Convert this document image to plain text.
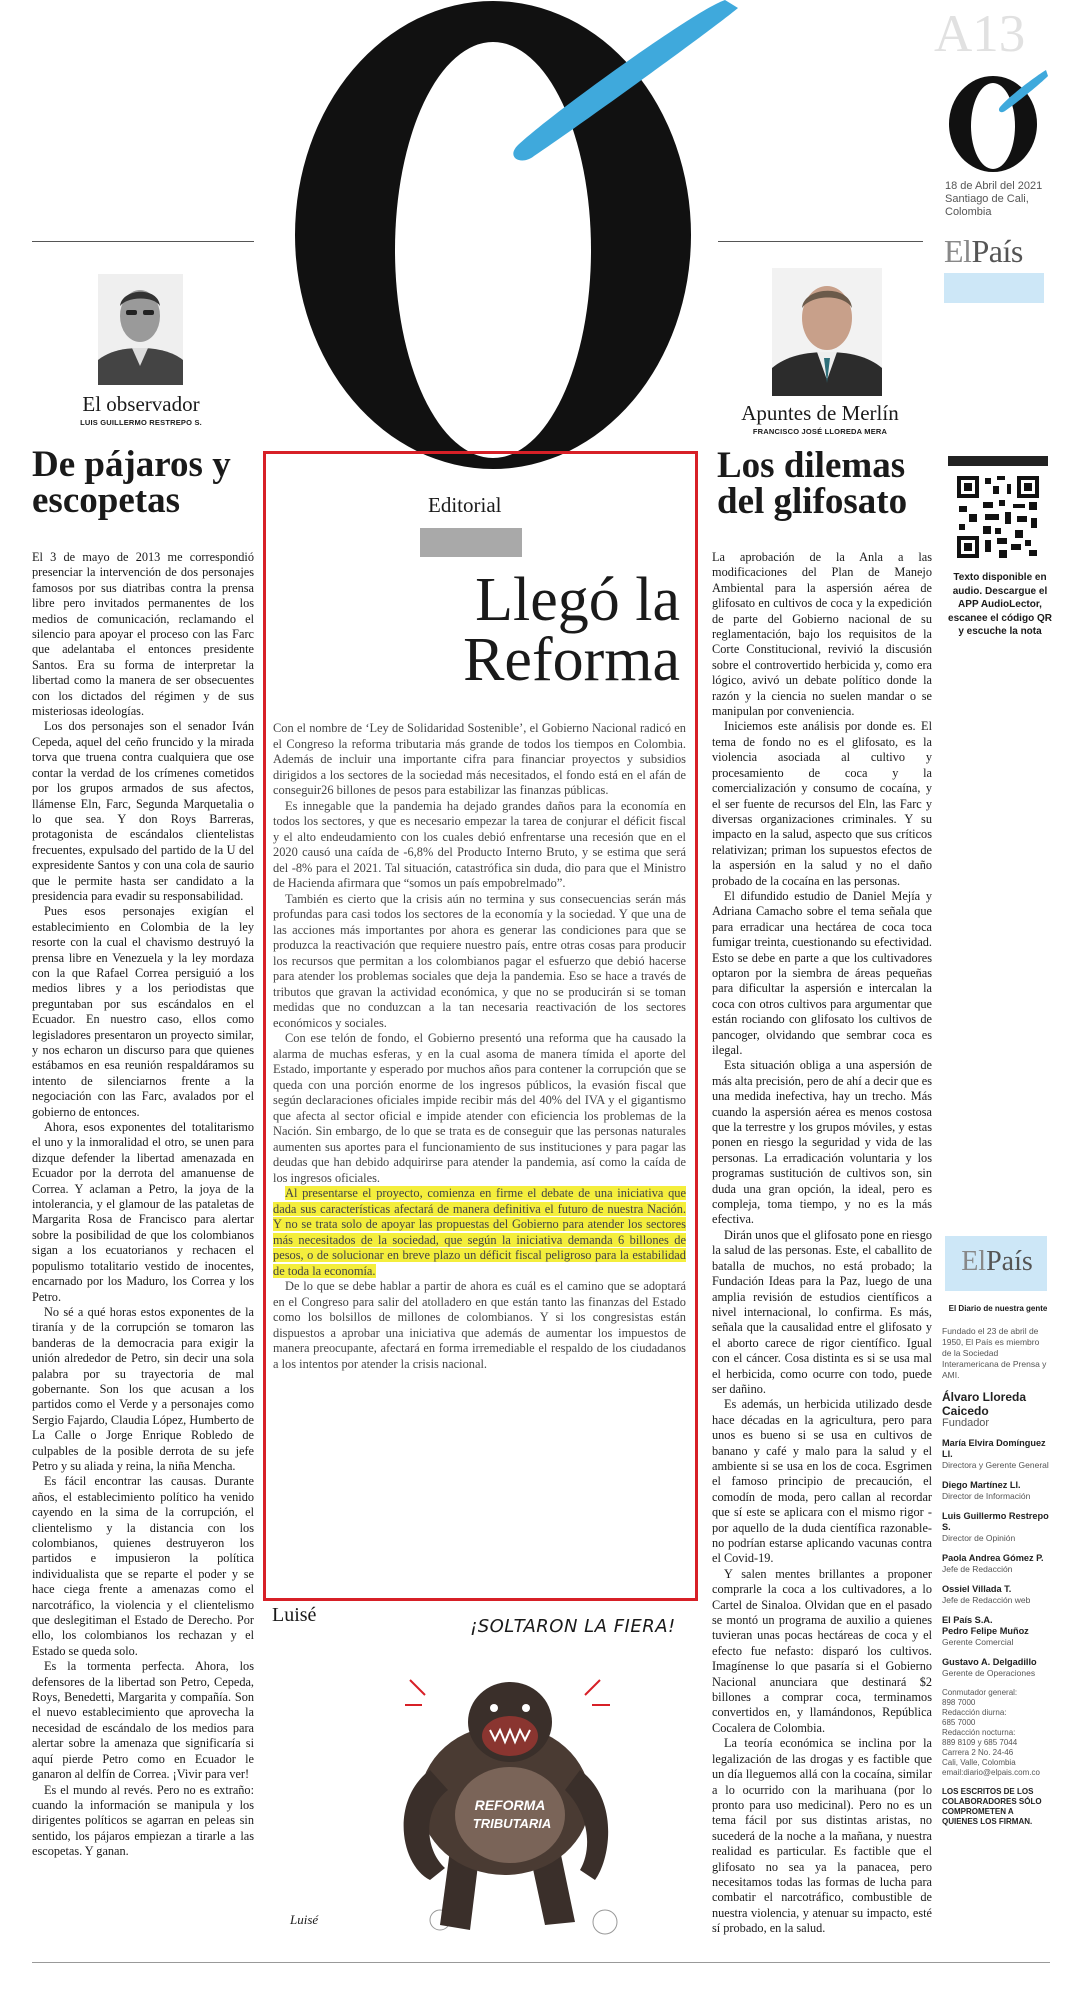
A13
18 de Abril del 2021 Santiago de Cali, Colombia
ElPaís
El observador
LUIS GUILLERMO RESTREPO S.
De pájaros y escopetas

El 3 de mayo de 2013 me correspondió presenciar la intervención de dos personajes famosos por sus diatribas contra la prensa libre pero invitados permanentes de los medios de comunicación, reclamando el silencio para apoyar el proceso con las Farc que adelantaba el entonces presidente Santos. Era su forma de interpretar la libertad como la manera de ser obsecuentes con los dictados del régimen y de sus misteriosas ideologías.

Los dos personajes son el senador Iván Cepeda, aquel del ceño fruncido y la mirada torva que truena contra cualquiera que ose contar la verdad de los crímenes cometidos por los grupos armados de sus afectos, llámense Eln, Farc, Segunda Marquetalia o lo que sea. Y don Roys Barreras, protagonista de escándalos clientelistas frecuentes, expulsado del partido de la U del expresidente Santos y con una cola de saurio que le permite hasta ser candidato a la presidencia para evadir su responsabilidad.

Pues esos personajes exigían el establecimiento en Colombia de la ley resorte con la cual el chavismo destruyó la prensa libre en Venezuela y la ley mordaza con la que Rafael Correa persiguió a los medios libres y a los periodistas que preguntaban por sus escándalos en el Ecuador. En nuestro caso, ellos como legisladores presentaron un proyecto similar, y nos echaron un discurso para que quienes estábamos en esa reunión respaldáramos su intento de silenciarnos frente a la negociación con las Farc, avalados por el gobierno de entonces.

Ahora, esos exponentes del totalitarismo el uno y la inmoralidad el otro, se unen para dizque defender la libertad amenazada en Ecuador por la derrota del amanuense de Correa. Y aclaman a Petro, la joya de la intolerancia, y el glamour de las pataletas de Margarita Rosa de Francisco para alertar sobre la posibilidad de que los colombianos sigan a los ecuatorianos y rechacen el populismo totalitario vestido de inocentes, encarnado por los Maduro, los Correa y los Petro.

No sé a qué horas estos exponentes de la tiranía y de la corrupción se tomaron las banderas de la democracia para exigir la unión alrededor de Petro, sin decir una sola palabra por su trayectoria de mal gobernante. Son los que acusan a los partidos como el Verde y a personajes como Sergio Fajardo, Claudia López, Humberto de La Calle o Jorge Enrique Robledo de culpables de la posible derrota de su jefe Petro y su aliada y reina, la niña Mencha.

Es fácil encontrar las causas. Durante años, el establecimiento político ha venido cayendo en la sima de la corrupción, el clientelismo y la distancia con los colombianos, quienes destruyeron los partidos e impusieron la política individualista que se reparte el poder y se hace ciega frente a amenazas como el narcotráfico, la violencia y el clientelismo que deslegitiman el Estado de Derecho. Por ello, los colombianos los rechazan y el Estado se queda solo.

Es la tormenta perfecta. Ahora, los defensores de la libertad son Petro, Cepeda, Roys, Benedetti, Margarita y compañía. Son el nuevo establecimiento que aprovecha la necesidad de escándalo de los medios para alertar sobre la amenaza que significaría si aquí pierde Petro como en Ecuador le ganaron al delfín de Correa. ¡Vivir para ver!

Es el mundo al revés. Pero no es extraño: cuando la información se manipula y los dirigentes políticos se agarran en peleas sin sentido, los pájaros empiezan a tirarle a las escopetas. Y ganan.

Editorial
Llegó la
Reforma

Con el nombre de ‘Ley de Solidaridad Sostenible’, el Gobierno Nacional radicó en el Congreso la reforma tributaria más grande de todos los tiempos en Colombia. Además de incluir una importante cifra para financiar proyectos y subsidios dirigidos a los sectores de la sociedad más necesitados, el fondo está en el afán de conseguir26 billones de pesos para estabilizar las finanzas públicas.

Es innegable que la pandemia ha dejado grandes daños para la economía en todos los sectores, y que es necesario empezar la tarea de conjurar el déficit fiscal y el alto endeudamiento con los cuales debió enfrentarse una recesión que en el 2020 causó una caída de -6,8% del Producto Interno Bruto, y se estima que será del -8% para el 2021. Tal situación, catastrófica sin duda, dio para que el Ministro de Hacienda afirmara que “somos un país empobrelmado”.

También es cierto que la crisis aún no termina y sus consecuencias serán más profundas para casi todos los sectores de la economía y la sociedad. Y que una de las acciones más importantes por ahora es generar las condiciones para que se produzca la reactivación que requiere nuestro país, entre otras cosas para producir los recursos que permitan a los colombianos pagar el esfuerzo que debió hacerse para atender los problemas sociales que deja la pandemia. Eso se hace a través de tributos que gravan la actividad económica, y que no se producirán si se toman medidas que no conduzcan a la tan necesaria reactivación de los sectores económicos y sociales.

Con ese telón de fondo, el Gobierno presentó una reforma que ha causado la alarma de muchas esferas, y en la cual asoma de manera tímida el aporte del Estado, importante y esperado por muchos años para contener la corrupción que se queda con una porción enorme de los ingresos públicos, la evasión fiscal que según declaraciones oficiales impide recibir más del 40% del IVA y el gigantismo que afecta al sector oficial e impide atender con eficiencia los problemas de la Nación. Sin embargo, de lo que se trata es de conseguir que las personas naturales aumenten sus aportes para el funcionamiento de sus instituciones y para pagar las deudas que han debido adquirirse para atender la pandemia, así como la caída de los ingresos oficiales.

Al presentarse el proyecto, comienza en firme el debate de una iniciativa que dada sus características afectará de manera definitiva el futuro de nuestra Nación. Y no se trata solo de apoyar las propuestas del Gobierno para atender los sectores más necesitados de la sociedad, que según la iniciativa demanda 6 billones de pesos, o de solucionar en breve plazo un déficit fiscal peligroso para la estabilidad de toda la economía.

De lo que se debe hablar a partir de ahora es cuál es el camino que se adoptará en el Congreso para salir del atolladero en que están tanto las finanzas del Estado como los bolsillos de millones de colombianos. Y si los congresistas están dispuestos a aprobar una iniciativa que además de aumentar los impuestos de manera preocupante, afectará en forma irremediable el respaldo de los ciudadanos a los intentos por atender la crisis nacional.

Luisé
¡SOLTARON LA FIERA!
REFORMA
TRIBUTARIA
Luisé
Apuntes de Merlín
FRANCISCO JOSÉ LLOREDA MERA
Los dilemas del glifosato

La aprobación de la Anla a las modificaciones del Plan de Manejo Ambiental para la aspersión aérea de glifosato en cultivos de coca y la expedición de parte del Gobierno nacional de su reglamentación, bajo los requisitos de la Corte Constitucional, revivió la discusión sobre el controvertido herbicida y, como era lógico, avivó un debate político donde la razón y la ciencia no suelen mandar o se manipulan por conveniencia.

Iniciemos este análisis por donde es. El tema de fondo no es el glifosato, es la violencia asociada al cultivo y procesamiento de coca y la comercialización y consumo de cocaína, y el ser fuente de recursos del Eln, las Farc y diversas organizaciones criminales. Y su impacto en la salud, aspecto que sus críticos relativizan; priman los supuestos efectos de la aspersión en la salud y no el daño probado de la cocaína en las personas.

El difundido estudio de Daniel Mejía y Adriana Camacho sobre el tema señala que para erradicar una hectárea de coca toca fumigar treinta, cuestionando su efectividad. Esto se debe en parte a que los cultivadores optaron por la siembra de áreas pequeñas para dificultar la aspersión e intercalan la coca con otros cultivos para argumentar que están rociando con glifosato los cultivos de pancoger, olvidando que sembrar coca es ilegal.

Esta situación obliga a una aspersión de más alta precisión, pero de ahí a decir que es una medida inefectiva, hay un trecho. Más cuando la aspersión aérea es menos costosa que la terrestre y los grupos móviles, y estas ponen en riesgo la seguridad y vida de las personas. La erradicación voluntaria y los programas sustitución de cultivos son, sin duda una gran opción, la ideal, pero es compleja, toma tiempo, y no es la más efectiva.

Dirán unos que el glifosato pone en riesgo la salud de las personas. Este, el caballito de batalla de muchos, no está probado; la Fundación Ideas para la Paz, luego de una amplia revisión de estudios científicos a nivel internacional, lo confirma. Es más, señala que la causalidad entre el glifosato y el aborto carece de rigor científico. Igual con el cáncer. Cosa distinta es si se usa mal el herbicida, como ocurre con todo, puede ser dañino.

Es además, un herbicida utilizado desde hace décadas en la agricultura, pero para unos es bueno si se usa en cultivos de banano y café y malo para la salud y el ambiente si se usa en los de coca. Esgrimen el famoso principio de precaución, el comodín de moda, pero callan al recordar que sí este se aplicara con el mismo rigor -por aquello de la duda científica razonable- no podrían estarse aplicando vacunas contra el Covid-19.

Y salen mentes brillantes a proponer comprarle la coca a los cultivadores, a lo Cartel de Sinaloa. Olvidan que en el pasado se montó un programa de auxilio a quienes tuvieran unas pocas hectáreas de coca y el efecto fue nefasto: disparó los cultivos. Imagínense lo que pasaría si el Gobierno Nacional anunciara que destinará $2 billones a comprar coca, terminamos convertidos en, y llamándonos, República Cocalera de Colombia.

La teoría económica se inclina por la legalización de las drogas y es factible que un día lleguemos allá con la cocaína, similar a lo ocurrido con la marihuana (por lo pronto para uso medicinal). Pero no es un tema fácil por sus distintas aristas, no sucederá de la noche a la mañana, y nuestra realidad es particular. Es factible que el glifosato no sea ya la panacea, pero necesitamos todas las formas de lucha para combatir el narcotráfico, combustible de nuestra violencia, y atenuar su impacto, esté sí probado, en la salud.

Texto disponible en audio. Descargue el APP AudioLector, escanee el código QR y escuche la nota
ElPaís
El Diario de nuestra gente
Fundado el 23 de abril de 1950, El País es miembro de la Sociedad Interamericana de Prensa y AMI.
Álvaro Lloreda Caicedo
Fundador
María Elvira Domínguez Ll.
Directora y Gerente General
Diego Martínez Ll.
Director de Información
Luis Guillermo Restrepo S.
Director de Opinión
Paola Andrea Gómez P.
Jefe de Redacción
Ossiel Villada T.
Jefe de Redacción web
El País S.A.
Pedro Felipe Muñoz
Gerente Comercial
Gustavo A. Delgadillo
Gerente de Operaciones
Conmutador general:
898 7000
Redacción diurna:
685 7000
Redacción nocturna:
889 8109 y 685 7044
Carrera 2 No. 24-46
Cali, Valle, Colombia
email:diario@elpais.com.co
LOS ESCRITOS DE LOS COLABORADORES SÓLO COMPROMETEN A QUIENES LOS FIRMAN.
